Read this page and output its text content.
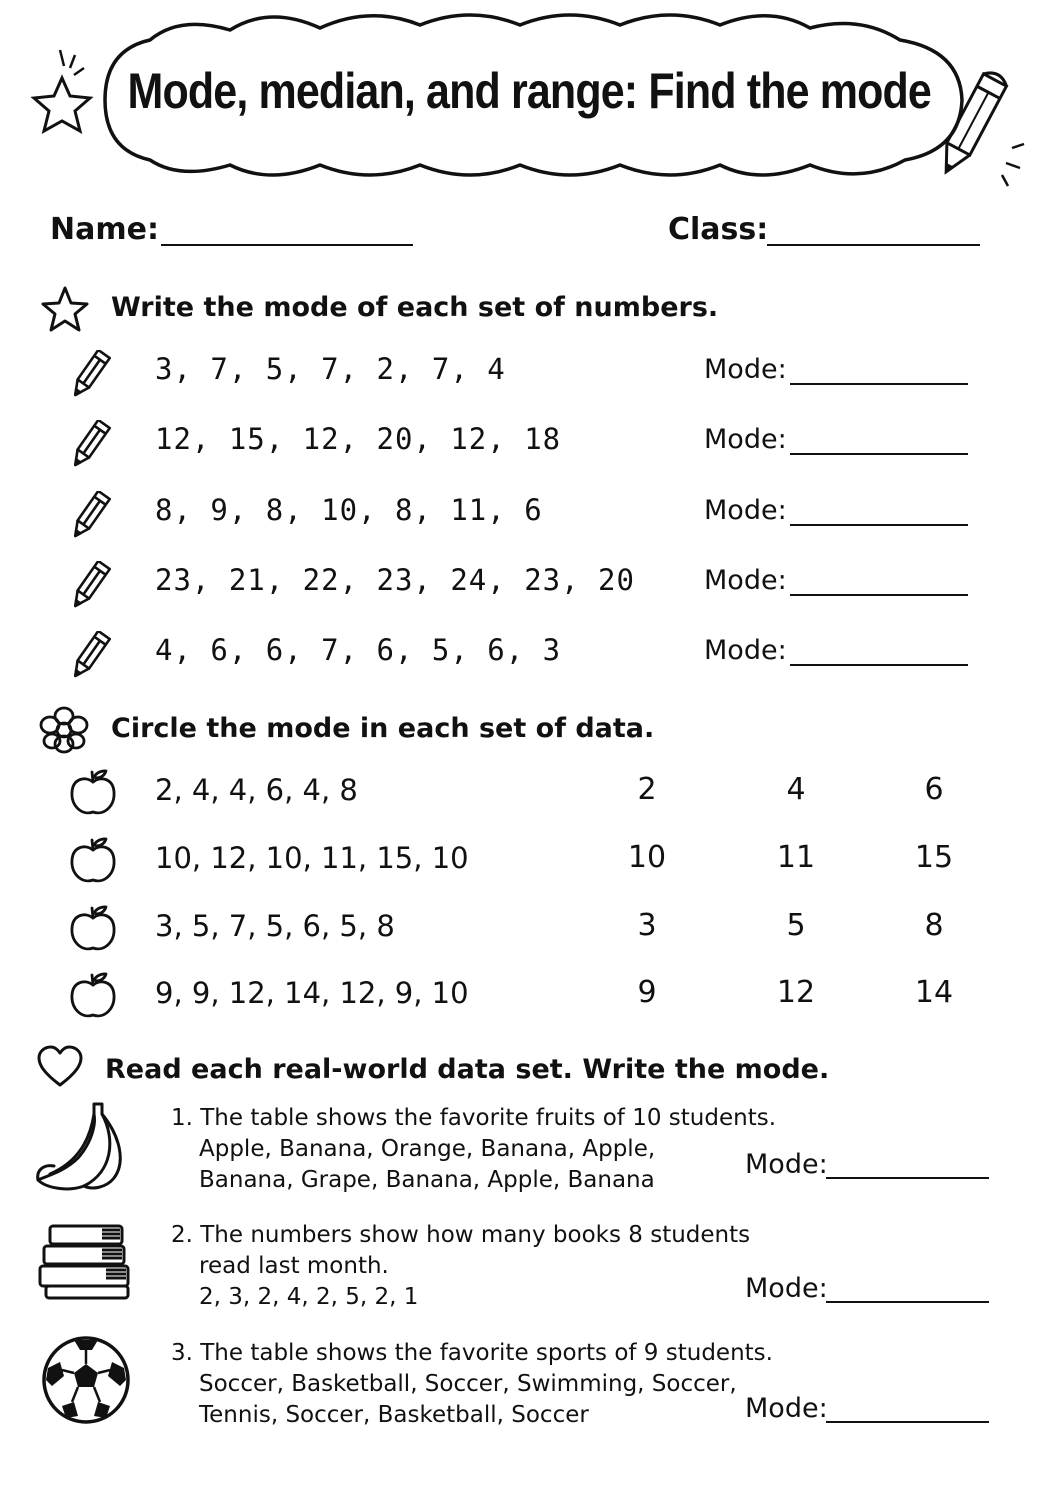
Mode, median, and range: Find the mode
Name:	Class:
Write the mode of each set of numbers.
3, 7, 5, 7, 2, 7, 4	Mode:
12, 15, 12, 20, 12, 18	Mode:
8, 9, 8, 10, 8, 11, 6	Mode:
23, 21, 22, 23, 24, 23, 20	Mode:
4, 6, 6, 7, 6, 5, 6, 3	Mode:
Circle the mode in each set of data.
2, 4, 4, 6, 4, 8	2	4	6
10, 12, 10, 11, 15, 10	10	11	15
3, 5, 7, 5, 6, 5, 8	3	5	8
9, 9, 12, 14, 12, 9, 10	9	12	14
Read each real-world data set. Write the mode.
1. The table shows the favorite fruits of 10 students.
Apple, Banana, Orange, Banana, Apple,
Banana, Grape, Banana, Apple, Banana	Mode:
2. The numbers show how many books 8 students
read last month.
2, 3, 2, 4, 2, 5, 2, 1	Mode:
3. The table shows the favorite sports of 9 students.
Soccer, Basketball, Soccer, Swimming, Soccer,
Tennis, Soccer, Basketball, Soccer	Mode:
